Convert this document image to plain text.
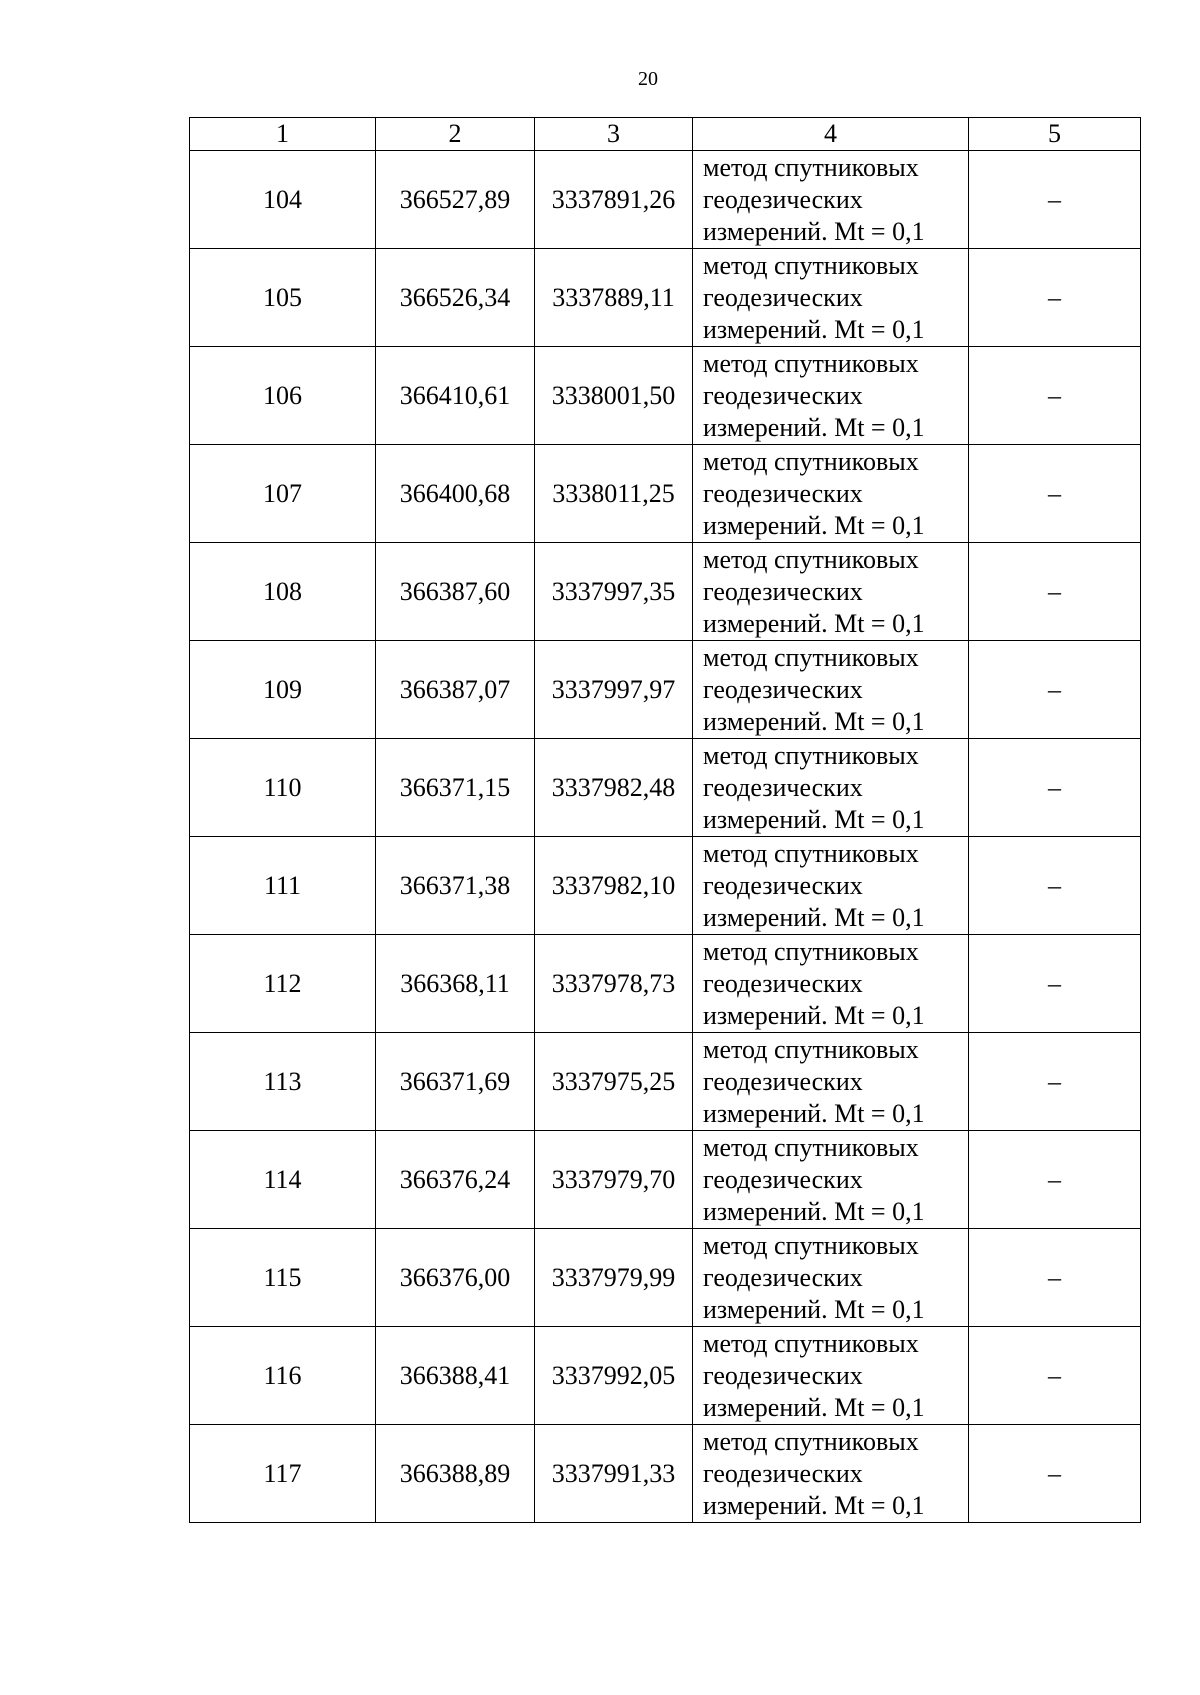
20
1	2	3	4	5
104	366527,89	3337891,26	метод спутниковых
геодезических
измерений. Mt = 0,1	–
105	366526,34	3337889,11	метод спутниковых
геодезических
измерений. Mt = 0,1	–
106	366410,61	3338001,50	метод спутниковых
геодезических
измерений. Mt = 0,1	–
107	366400,68	3338011,25	метод спутниковых
геодезических
измерений. Mt = 0,1	–
108	366387,60	3337997,35	метод спутниковых
геодезических
измерений. Mt = 0,1	–
109	366387,07	3337997,97	метод спутниковых
геодезических
измерений. Mt = 0,1	–
110	366371,15	3337982,48	метод спутниковых
геодезических
измерений. Mt = 0,1	–
111	366371,38	3337982,10	метод спутниковых
геодезических
измерений. Mt = 0,1	–
112	366368,11	3337978,73	метод спутниковых
геодезических
измерений. Mt = 0,1	–
113	366371,69	3337975,25	метод спутниковых
геодезических
измерений. Mt = 0,1	–
114	366376,24	3337979,70	метод спутниковых
геодезических
измерений. Mt = 0,1	–
115	366376,00	3337979,99	метод спутниковых
геодезических
измерений. Mt = 0,1	–
116	366388,41	3337992,05	метод спутниковых
геодезических
измерений. Mt = 0,1	–
117	366388,89	3337991,33	метод спутниковых
геодезических
измерений. Mt = 0,1	–
